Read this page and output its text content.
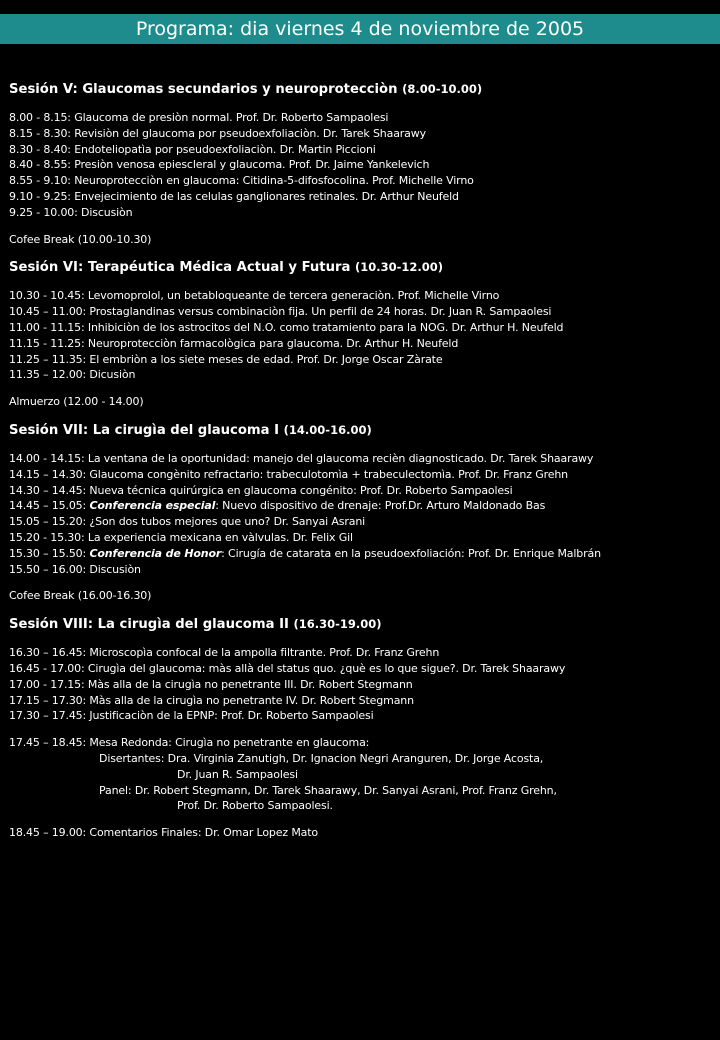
Programa: dia viernes 4 de noviembre de 2005
Sesión V: Glaucomas secundarios y neuroprotecciòn (8.00-10.00)
8.00 - 8.15: Glaucoma de presiòn normal. Prof. Dr. Roberto Sampaolesi
8.15 - 8.30: Revisiòn del glaucoma por pseudoexfoliaciòn. Dr. Tarek Shaarawy
8.30 - 8.40: Endoteliopatìa por pseudoexfoliaciòn. Dr. Martin Piccioni
8.40 - 8.55: Presiòn venosa epiescleral y glaucoma. Prof. Dr. Jaime Yankelevich
8.55 - 9.10: Neuroprotecciòn en glaucoma: Citidina-5-difosfocolina. Prof. Michelle Virno
9.10 - 9.25: Envejecimiento de las celulas ganglionares retinales. Dr. Arthur Neufeld
9.25 - 10.00: Discusiòn
Cofee Break (10.00-10.30)
Sesión VI: Terapéutica Médica Actual y Futura (10.30-12.00)
10.30 - 10.45: Levomoprolol, un betabloqueante de tercera generaciòn. Prof. Michelle Virno
10.45 – 11.00: Prostaglandinas versus combinaciòn fija. Un perfil de 24 horas. Dr. Juan R. Sampaolesi
11.00 - 11.15: Inhibiciòn de los astrocitos del N.O. como tratamiento para la NOG. Dr. Arthur H. Neufeld
11.15 - 11.25: Neuroprotecciòn farmacològica para glaucoma. Dr. Arthur H. Neufeld
11.25 – 11.35: El embriòn a los siete meses de edad. Prof. Dr. Jorge Oscar Zàrate
11.35 – 12.00: Dicusiòn
Almuerzo (12.00 - 14.00)
Sesión VII: La cirugìa del glaucoma I (14.00-16.00)
14.00 - 14.15: La ventana de la oportunidad: manejo del glaucoma recièn diagnosticado. Dr. Tarek Shaarawy
14.15 – 14.30: Glaucoma congènito refractario: trabeculotomìa + trabeculectomìa. Prof. Dr. Franz Grehn
14.30 – 14.45: Nueva técnica quirúrgica en glaucoma congénito: Prof. Dr. Roberto Sampaolesi
14.45 – 15.05: Conferencia especial: Nuevo dispositivo de drenaje: Prof.Dr. Arturo Maldonado Bas
15.05 – 15.20: ¿Son dos tubos mejores que uno? Dr. Sanyai Asrani
15.20 - 15.30: La experiencia mexicana en vàlvulas. Dr. Felix Gil
15.30 – 15.50: Conferencia de Honor: Cirugía de catarata en la pseudoexfoliación: Prof. Dr. Enrique Malbrán
15.50 – 16.00: Discusiòn
Cofee Break (16.00-16.30)
Sesión VIII: La cirugìa del glaucoma II (16.30-19.00)
16.30 – 16.45: Microscopìa confocal de la ampolla filtrante. Prof. Dr. Franz Grehn
16.45 - 17.00: Cirugìa del glaucoma: màs allà del status quo. ¿què es lo que sigue?. Dr. Tarek Shaarawy
17.00 - 17.15: Màs alla de la cirugìa no penetrante III. Dr. Robert Stegmann
17.15 – 17.30: Màs alla de la cirugìa no penetrante IV. Dr. Robert Stegmann
17.30 – 17.45: Justificaciòn de la EPNP: Prof. Dr. Roberto Sampaolesi
17.45 – 18.45: Mesa Redonda: Cirugìa no penetrante en glaucoma:
Disertantes: Dra. Virginia Zanutigh, Dr. Ignacion Negri Aranguren, Dr. Jorge Acosta,
Dr. Juan R. Sampaolesi
Panel: Dr. Robert Stegmann, Dr. Tarek Shaarawy, Dr. Sanyai Asrani, Prof. Franz Grehn,
Prof. Dr. Roberto Sampaolesi.
18.45 – 19.00: Comentarios Finales: Dr. Omar Lopez Mato
